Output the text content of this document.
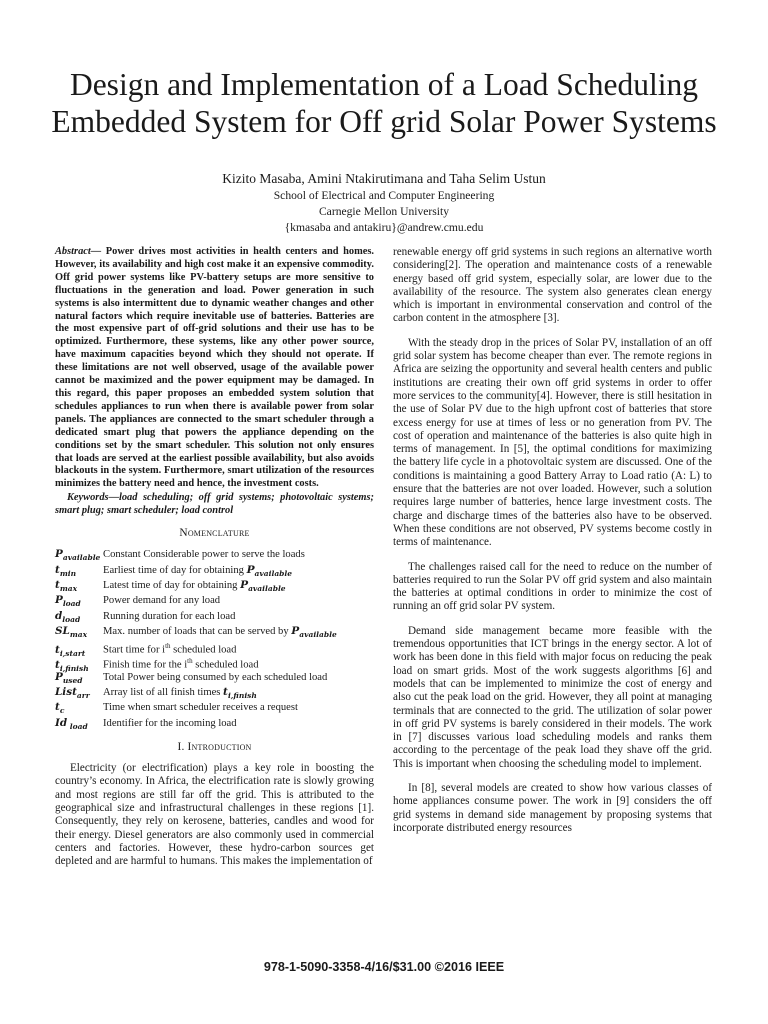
Design and Implementation of a Load Scheduling Embedded System for Off grid Solar Power Systems
Kizito Masaba, Amini Ntakirutimana and Taha Selim Ustun
School of Electrical and Computer Engineering
Carnegie Mellon University
{kmasaba and antakiru}@andrew.cmu.edu
Abstract— Power drives most activities in health centers and homes. However, its availability and high cost make it an expensive commodity. Off grid power systems like PV-battery setups are more sensitive to fluctuations in the generation and load. Power generation in such systems is also intermittent due to dynamic weather changes and other natural factors which require inevitable use of batteries. Batteries are the most expensive part of off-grid solutions and their use has to be optimized. Furthermore, these systems, like any other power source, have maximum capacities beyond which they should not operate. If these limitations are not well observed, usage of the available power cannot be maximized and the power equipment may be damaged. In this regard, this paper proposes an embedded system solution that schedules appliances to run when there is available power from solar panels. The appliances are connected to the smart scheduler through a dedicated smart plug that powers the appliance depending on the conditions set by the smart scheduler. This solution not only ensures that loads are served at the earliest possible availability, but also avoids blackouts in the system. Furthermore, smart utilization of the resources minimizes the battery need and hence, the investment costs.
Keywords—load scheduling; off grid systems; photovoltaic systems; smart plug; smart scheduler; load control
Nomenclature
$P_{available}$ Constant Considerable power to serve the loads
$t_{min}$	Earliest time of day for obtaining $P_{available}$
$t_{max}$	Latest time of day for obtaining $P_{available}$
$P_{load}$	Power demand for any load
$d_{load}$	Running duration for each load
$SL_{max}$	Max. number of loads that can be served by $P_{available}$
$t_{i,start}$	Start time for $i^{th}$ scheduled load
$t_{i,finish}$	Finish time for the $i^{th}$ scheduled load
$P_{used}$	Total Power being consumed by each scheduled load
List$_{arr}$	Array list of all finish times $t_{i,finish}$
$t_c$	Time when smart scheduler receives a request
Id $_{load}$	Identifier for the incoming load
I. Introduction

Electricity (or electrification) plays a key role in boosting the country’s economy. In Africa, the electrification rate is slowly growing and most regions are still far off the grid. This is attributed to the geographical size and infrastructural challenges in these regions [1]. Consequently, they rely on kerosene, batteries, candles and wood for their energy. Diesel generators are also commonly used in commercial centers and factories. However, these hydro-carbon sources get depleted and are harmful to humans. This makes the implementation of

renewable energy off grid systems in such regions an alternative worth considering[2]. The operation and maintenance costs of a renewable energy based off grid system, especially solar, are lower due to the availability of the resource. The system also generates clean energy which is important in environmental conservation and control of the carbon content in the atmosphere [3].

With the steady drop in the prices of Solar PV, installation of an off grid solar system has become cheaper than ever. The remote regions in Africa are seizing the opportunity and several health centers and public institutions are creating their own off grid systems in order to offer more services to the community[4]. However, there is still hesitation in the use of Solar PV due to the high upfront cost of batteries that store excess energy for use at times of less or no generation from PV. The cost of operation and maintenance of the batteries is also quite high in terms of management. In [5], the optimal conditions for maximizing the battery life cycle in a photovoltaic system are discussed. One of the conditions is maintaining a good Battery Array to Load ratio (A: L) to ensure that the batteries are not over loaded. However, such a solution requires large number of batteries, hence large investment costs. The charge and discharge times of the batteries also have to be observed. When these conditions are not observed, PV systems become costly in terms of maintenance.

The challenges raised call for the need to reduce on the number of batteries required to run the Solar PV off grid system and also maintain the batteries at optimal conditions in order to minimize the cost of running an off grid solar PV system.

Demand side management became more feasible with the tremendous opportunities that ICT brings in the energy sector. A lot of work has been done in this field with major focus on reducing the peak load on smart grids. Most of the work suggests algorithms [6] and models that can be implemented to minimize the cost of energy and also cut the peak load on the grid. However, they all point at managing terminals that are connected to the grid. The utilization of solar power in off grid PV systems is barely considered in their models. The work in [7] discusses various load scheduling models and ranks them according to the percentage of the peak load they shave off the grid. This is important when choosing the scheduling model to implement.

In [8], several models are created to show how various classes of home appliances consume power. The work in [9] considers the off grid systems in demand side management by proposing systems that incorporate distributed energy resources

978-1-5090-3358-4/16/$31.00 ©2016 IEEE
